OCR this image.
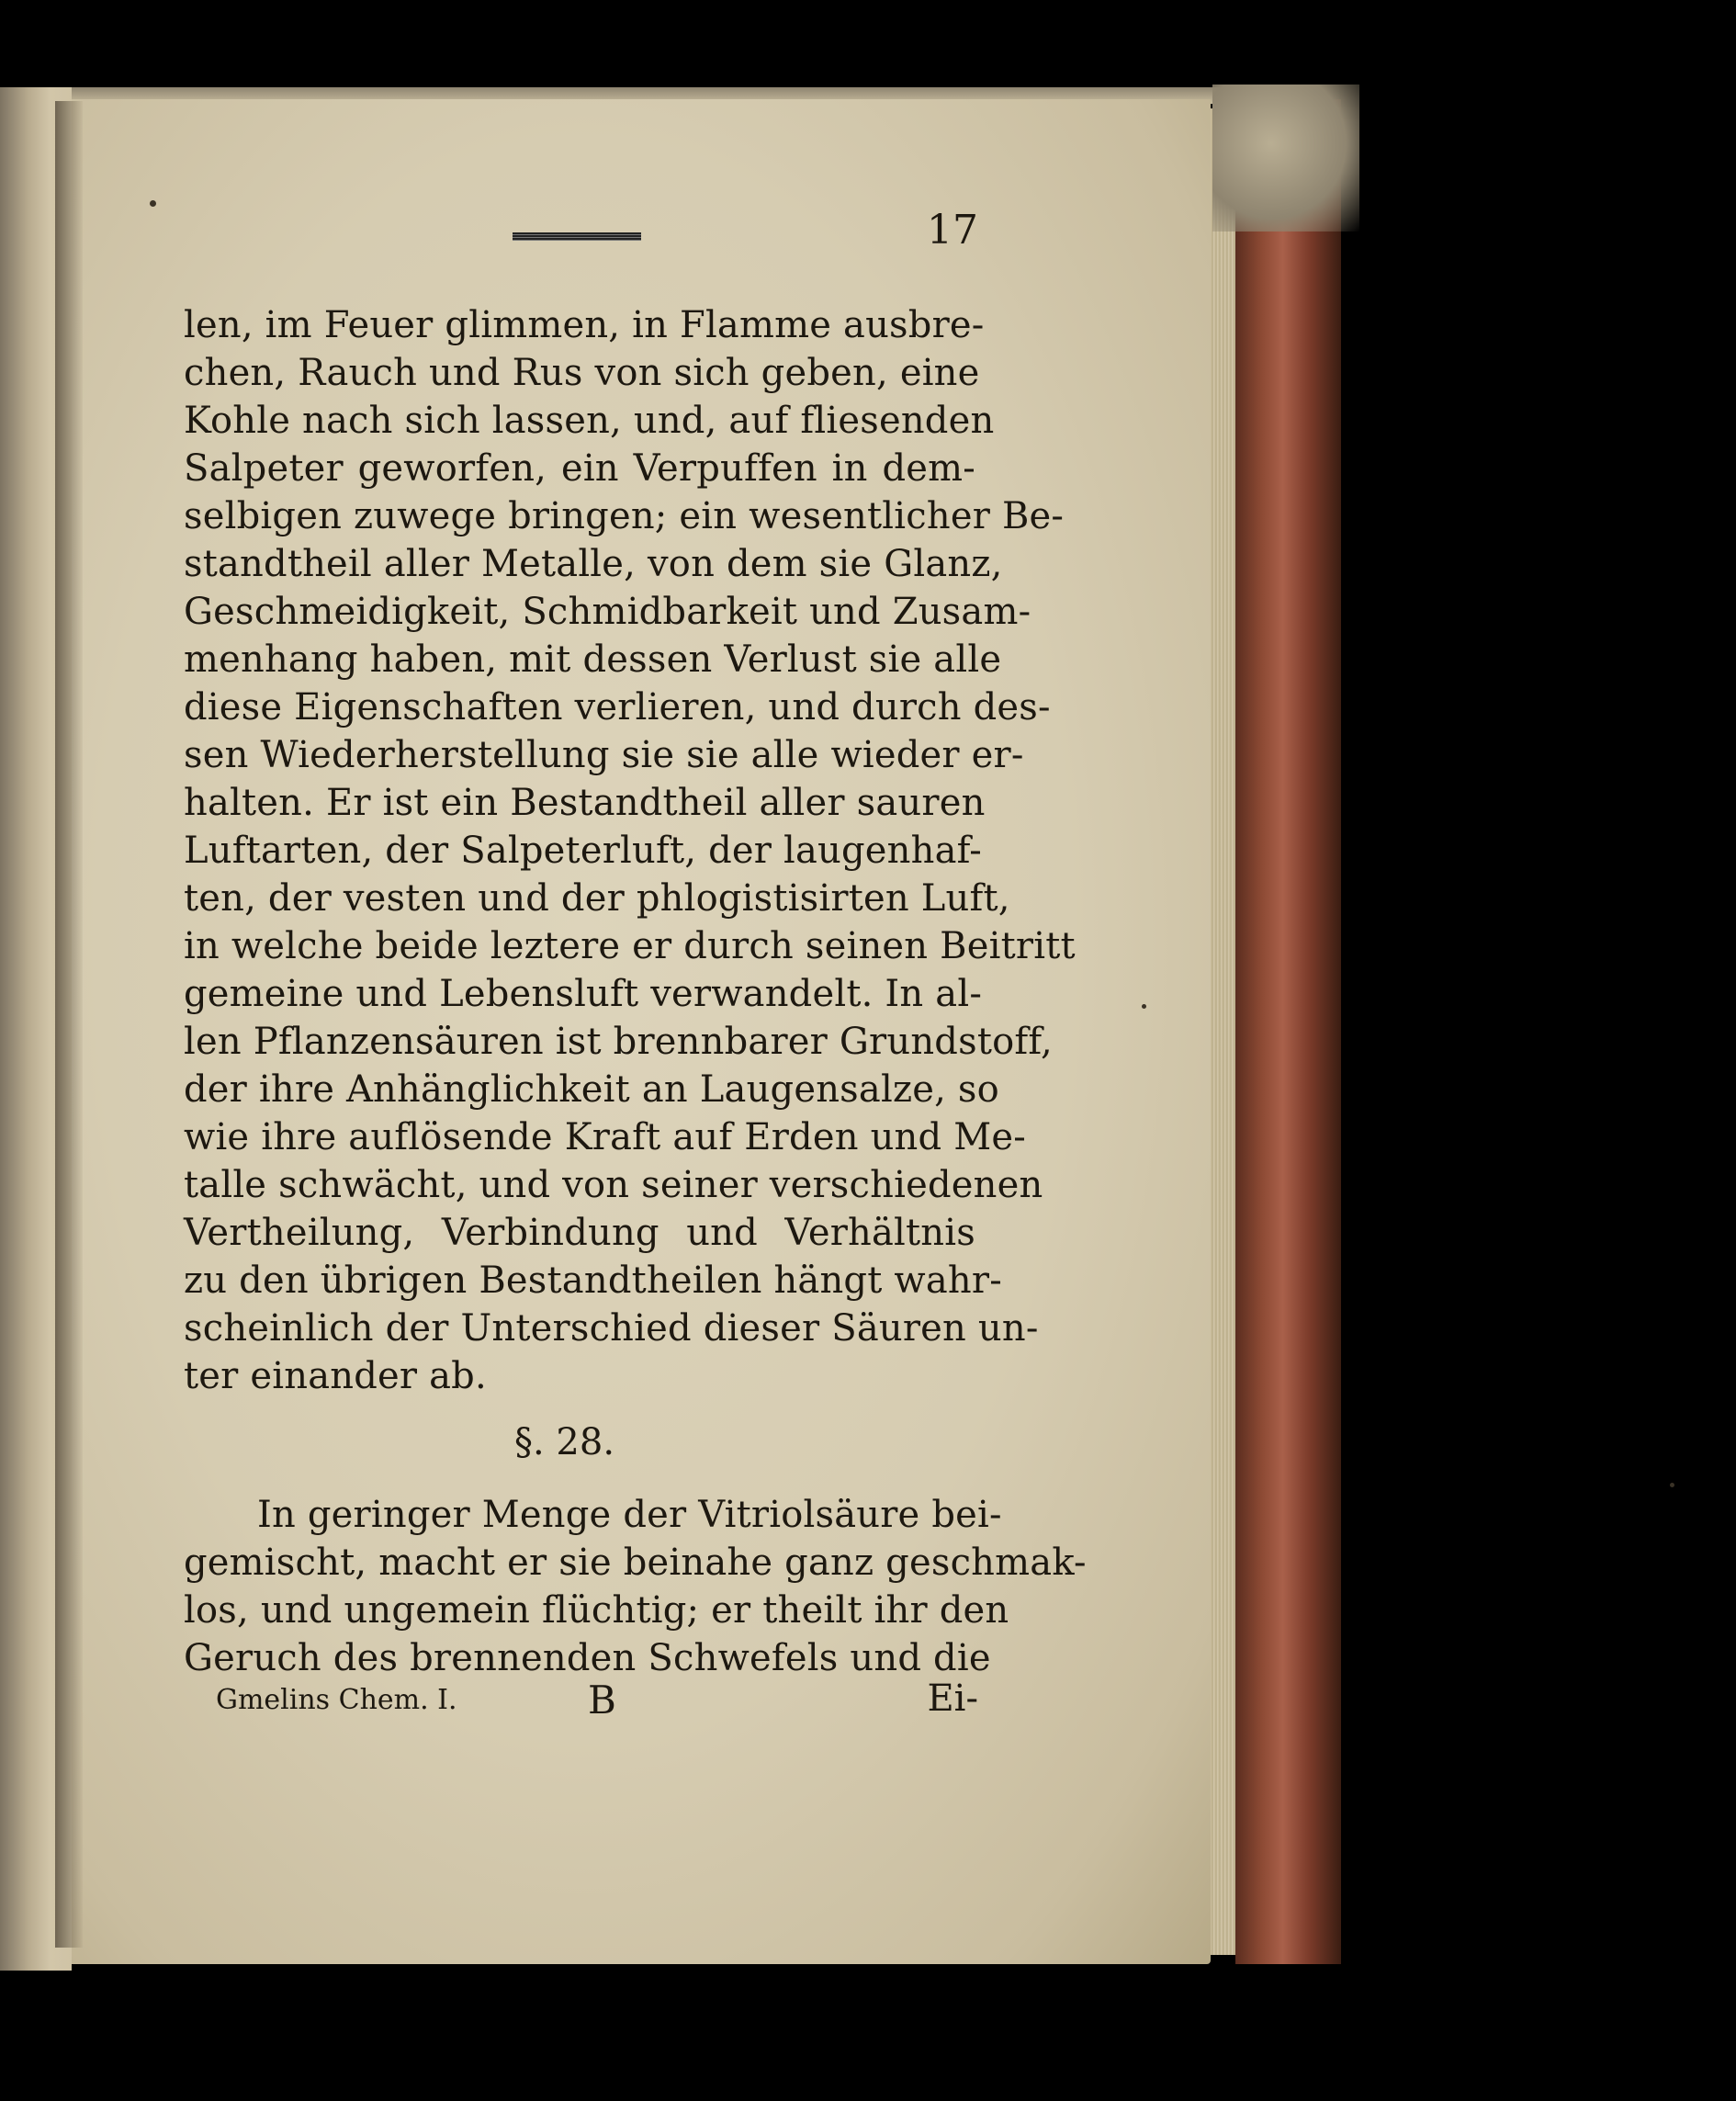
17
len, im Feuer glimmen, in Flamme ausbre-
chen, Rauch und Rus von sich geben, eine
Kohle nach sich lassen, und, auf fliesenden
Salpeter geworfen, ein Verpuffen in dem-
selbigen zuwege bringen; ein wesentlicher Be-
standtheil aller Metalle, von dem sie Glanz,
Geschmeidigkeit, Schmidbarkeit und Zusam-
menhang haben, mit dessen Verlust sie alle
diese Eigenschaften verlieren, und durch des-
sen Wiederherstellung sie sie alle wieder er-
halten. Er ist ein Bestandtheil aller sauren
Luftarten, der Salpeterluft, der laugenhaf-
ten, der vesten und der phlogistisirten Luft,
in welche beide leztere er durch seinen Beitritt
gemeine und Lebensluft verwandelt. In al-
len Pflanzensäuren ist brennbarer Grundstoff,
der ihre Anhänglichkeit an Laugensalze, so
wie ihre auflösende Kraft auf Erden und Me-
talle schwächt, und von seiner verschiedenen
Vertheilung, Verbindung und Verhältnis
zu den übrigen Bestandtheilen hängt wahr-
scheinlich der Unterschied dieser Säuren un-
ter einander ab.
§. 28.
In geringer Menge der Vitriolsäure bei-
gemischt, macht er sie beinahe ganz geschmak-
los, und ungemein flüchtig; er theilt ihr den
Geruch des brennenden Schwefels und die
Gmelins Chem. I.	B	Ei-
